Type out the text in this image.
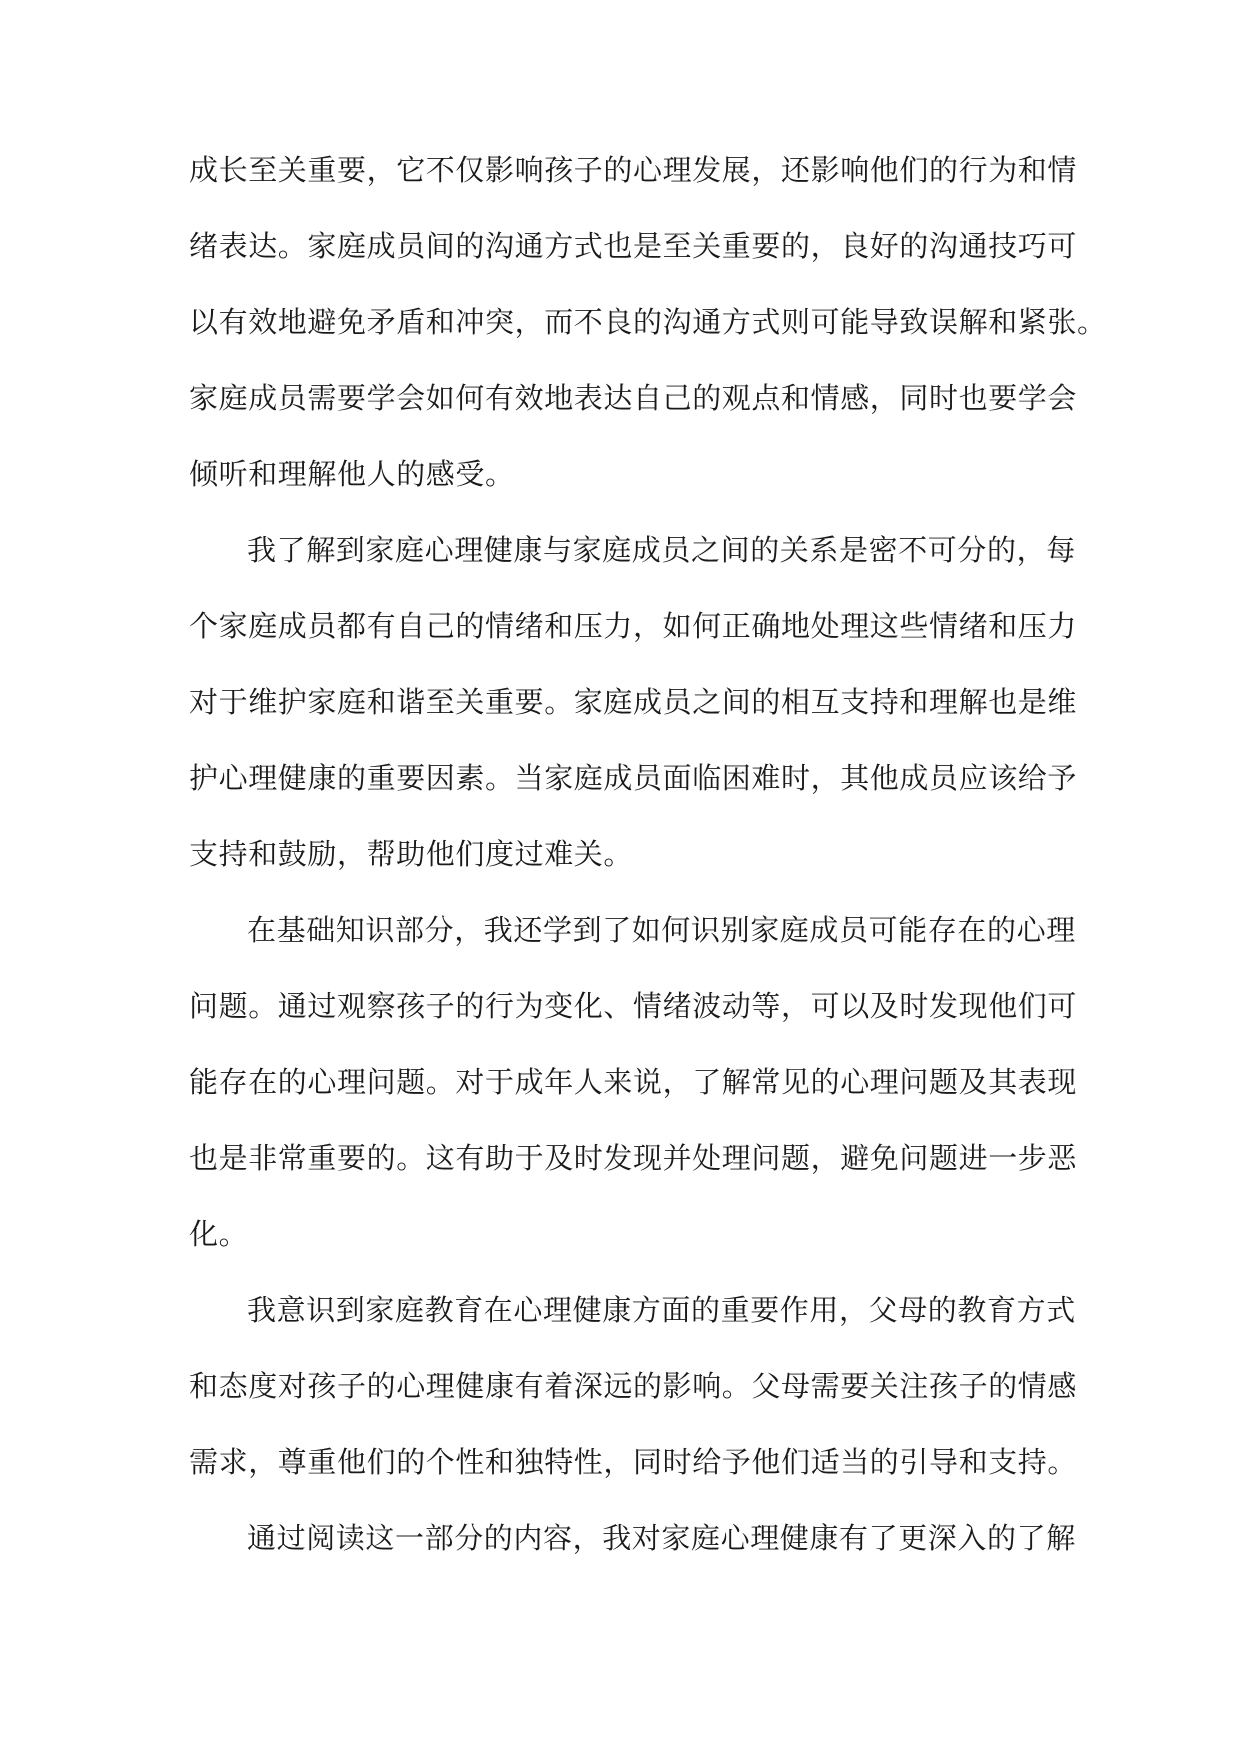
成长至关重要，它不仅影响孩子的心理发展，还影响他们的行为和情
绪表达。家庭成员间的沟通方式也是至关重要的，良好的沟通技巧可
以有效地避免矛盾和冲突，而不良的沟通方式则可能导致误解和紧张。
家庭成员需要学会如何有效地表达自己的观点和情感，同时也要学会
倾听和理解他人的感受。
我了解到家庭心理健康与家庭成员之间的关系是密不可分的，每
个家庭成员都有自己的情绪和压力，如何正确地处理这些情绪和压力
对于维护家庭和谐至关重要。家庭成员之间的相互支持和理解也是维
护心理健康的重要因素。当家庭成员面临困难时，其他成员应该给予
支持和鼓励，帮助他们度过难关。
在基础知识部分，我还学到了如何识别家庭成员可能存在的心理
问题。通过观察孩子的行为变化、情绪波动等，可以及时发现他们可
能存在的心理问题。对于成年人来说，了解常见的心理问题及其表现
也是非常重要的。这有助于及时发现并处理问题，避免问题进一步恶
化。
我意识到家庭教育在心理健康方面的重要作用，父母的教育方式
和态度对孩子的心理健康有着深远的影响。父母需要关注孩子的情感
需求，尊重他们的个性和独特性，同时给予他们适当的引导和支持。
通过阅读这一部分的内容，我对家庭心理健康有了更深入的了解
